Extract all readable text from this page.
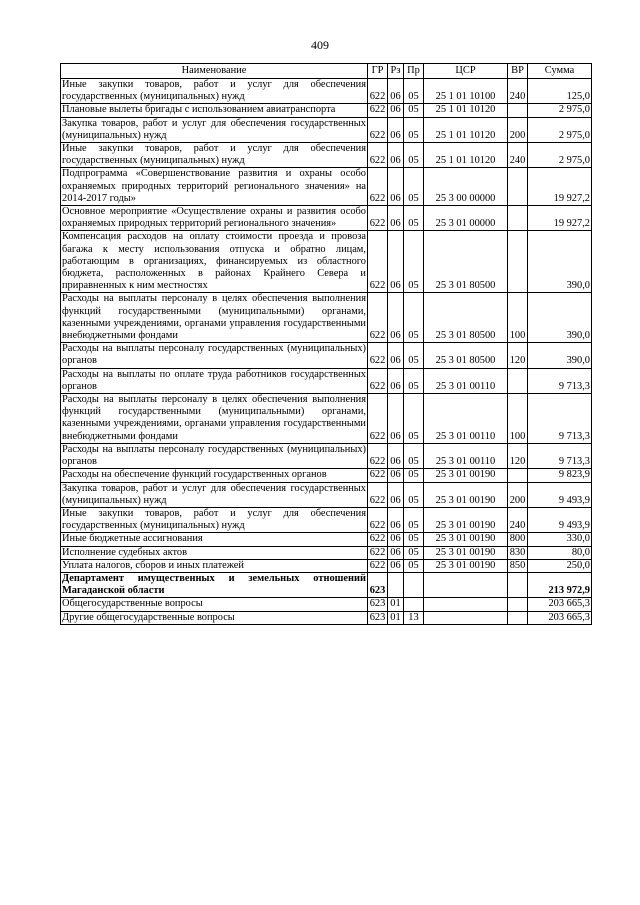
409
Наименование	ГР	Рз	Пр	ЦСР	ВР	Сумма
Иные закупки товаров, работ и услуг для обеспечения государственных (муниципальных) нужд	622	06	05	25 1 01 10100	240	125,0
Плановые вылеты бригады с использованием авиатранспорта	622	06	05	25 1 01 10120		2 975,0
Закупка товаров, работ и услуг для обеспечения государственных (муниципальных) нужд	622	06	05	25 1 01 10120	200	2 975,0
Иные закупки товаров, работ и услуг для обеспечения государственных (муниципальных) нужд	622	06	05	25 1 01 10120	240	2 975,0
Подпрограмма «Совершенствование развития и охраны особо охраняемых природных территорий регионального значения» на 2014-2017 годы»	622	06	05	25 3 00 00000		19 927,2
Основное мероприятие «Осуществление охраны и развития особо охраняемых природных территорий регионального значения»	622	06	05	25 3 01 00000		19 927,2
Компенсация расходов на оплату стоимости проезда и провоза багажа к месту использования отпуска и обратно лицам, работающим в организациях, финансируемых из областного бюджета, расположенных в районах Крайнего Севера и приравненных к ним местностях	622	06	05	25 3 01 80500		390,0
Расходы на выплаты персоналу в целях обеспечения выполнения функций государственными (муниципальными) органами, казенными учреждениями, органами управления государственными внебюджетными фондами	622	06	05	25 3 01 80500	100	390,0
Расходы на выплаты персоналу государственных (муниципальных) органов	622	06	05	25 3 01 80500	120	390,0
Расходы на выплаты по оплате труда работников государственных органов	622	06	05	25 3 01 00110		9 713,3
Расходы на выплаты персоналу в целях обеспечения выполнения функций государственными (муниципальными) органами, казенными учреждениями, органами управления государственными внебюджетными фондами	622	06	05	25 3 01 00110	100	9 713,3
Расходы на выплаты персоналу государственных (муниципальных) органов	622	06	05	25 3 01 00110	120	9 713,3
Расходы на обеспечение функций государственных органов	622	06	05	25 3 01 00190		9 823,9
Закупка товаров, работ и услуг для обеспечения государственных (муниципальных) нужд	622	06	05	25 3 01 00190	200	9 493,9
Иные закупки товаров, работ и услуг для обеспечения государственных (муниципальных) нужд	622	06	05	25 3 01 00190	240	9 493,9
Иные бюджетные ассигнования	622	06	05	25 3 01 00190	800	330,0
Исполнение судебных актов	622	06	05	25 3 01 00190	830	80,0
Уплата налогов, сборов и иных платежей	622	06	05	25 3 01 00190	850	250,0
Департамент имущественных и земельных отношений Магаданской области	623					213 972,9
Общегосударственные вопросы	623	01				203 665,3
Другие общегосударственные вопросы	623	01	13			203 665,3
